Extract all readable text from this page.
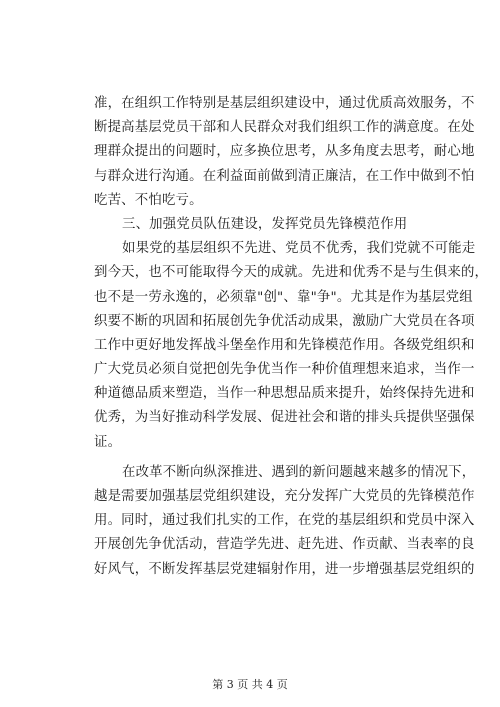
准，在组织工作特别是基层组织建设中，通过优质高效服务，不
断提高基层党员干部和人民群众对我们组织工作的满意度。在处
理群众提出的问题时，应多换位思考，从多角度去思考，耐心地
与群众进行沟通。在利益面前做到清正廉洁，在工作中做到不怕
吃苦、不怕吃亏。
三、加强党员队伍建设，发挥党员先锋模范作用
如果党的基层组织不先进、党员不优秀，我们党就不可能走
到今天，也不可能取得今天的成就。先进和优秀不是与生俱来的，
也不是一劳永逸的，必须靠"创"、靠"争"。尤其是作为基层党组
织要不断的巩固和拓展创先争优活动成果，激励广大党员在各项
工作中更好地发挥战斗堡垒作用和先锋模范作用。各级党组织和
广大党员必须自觉把创先争优当作一种价值理想来追求，当作一
种道德品质来塑造，当作一种思想品质来提升，始终保持先进和
优秀，为当好推动科学发展、促进社会和谐的排头兵提供坚强保
证。
在改革不断向纵深推进、遇到的新问题越来越多的情况下，
越是需要加强基层党组织建设，充分发挥广大党员的先锋模范作
用。同时，通过我们扎实的工作，在党的基层组织和党员中深入
开展创先争优活动，营造学先进、赶先进、作贡献、当表率的良
好风气，不断发挥基层党建辐射作用，进一步增强基层党组织的
第 3 页 共 4 页
